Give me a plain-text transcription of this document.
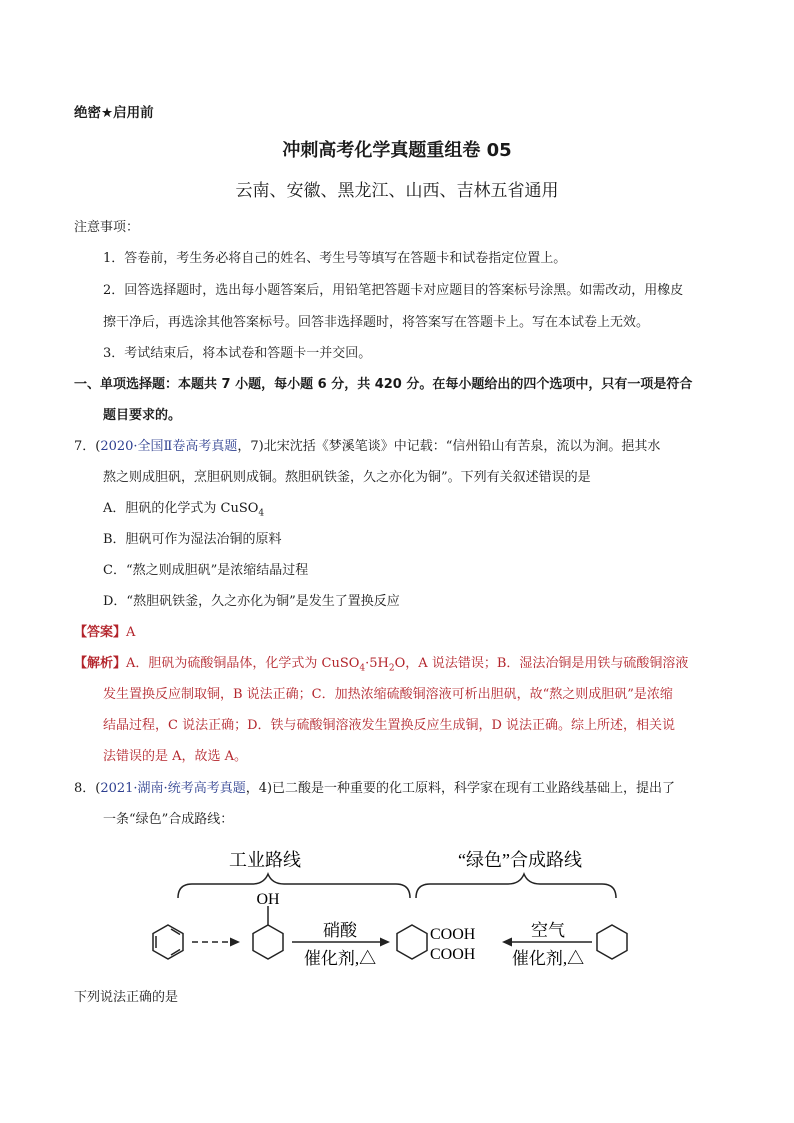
绝密★启用前
冲刺高考化学真题重组卷 05
云南、安徽、黑龙江、山西、吉林五省通用
注意事项：
1．答卷前，考生务必将自己的姓名、考生号等填写在答题卡和试卷指定位置上。
2．回答选择题时，选出每小题答案后，用铅笔把答题卡对应题目的答案标号涂黑。如需改动，用橡皮
擦干净后，再选涂其他答案标号。回答非选择题时，将答案写在答题卡上。写在本试卷上无效。
3．考试结束后，将本试卷和答题卡一并交回。
一、单项选择题：本题共 7 小题，每小题 6 分，共 420 分。在每小题给出的四个选项中，只有一项是符合
题目要求的。
7．(2020·全国Ⅱ卷高考真题，7)北宋沈括《梦溪笔谈》中记载：“信州铅山有苦泉，流以为涧。挹其水
熬之则成胆矾，烹胆矾则成铜。熬胆矾铁釜，久之亦化为铜”。下列有关叙述错误的是
A．胆矾的化学式为 CuSO$_4$
B．胆矾可作为湿法冶铜的原料
C．“熬之则成胆矾”是浓缩结晶过程
D．“熬胆矾铁釜，久之亦化为铜”是发生了置换反应
【答案】A
【解析】A．胆矾为硫酸铜晶体，化学式为 $CuSO_4\cdot 5H_2O$，A 说法错误；B．湿法冶铜是用铁与硫酸铜溶液
发生置换反应制取铜，B 说法正确；C．加热浓缩硫酸铜溶液可析出胆矾，故“熬之则成胆矾”是浓缩
结晶过程，C 说法正确；D．铁与硫酸铜溶液发生置换反应生成铜，D 说法正确。综上所述，相关说
法错误的是 A，故选 A。
8．(2021·湖南·统考高考真题，4)已二酸是一种重要的化工原料，科学家在现有工业路线基础上，提出了
一条“绿色”合成路线：
工业路线	“绿色”合成路线
OH
硝酸
催化剂,△
COOH
COOH
空气
催化剂,△
下列说法正确的是
